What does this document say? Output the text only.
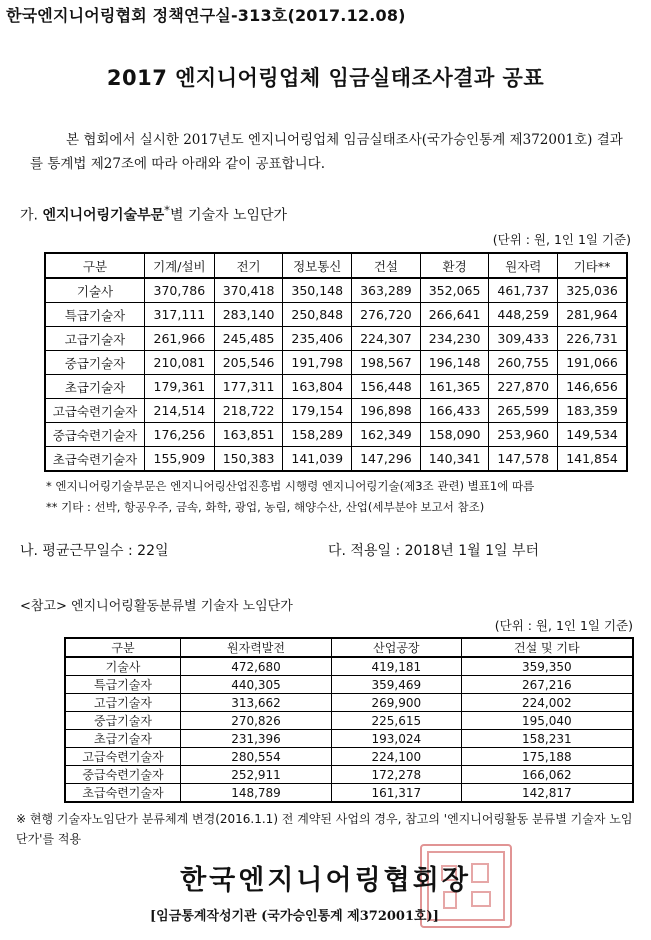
한국엔지니어링협회 정책연구실-313호(2017.12.08)
2017 엔지니어링업체 임금실태조사결과 공표

본 협회에서 실시한 2017년도 엔지니어링업체 임금실태조사(국가승인통계 제372001호) 결과를 통계법 제27조에 따라 아래와 같이 공표합니다.

가. 엔지니어링기술부문*별 기술자 노임단가
(단위 : 원, 1인 1일 기준)
구분	기계/설비	전기	정보통신	건설	환경	원자력	기타**
기술사	370,786	370,418	350,148	363,289	352,065	461,737	325,036
특급기술자	317,111	283,140	250,848	276,720	266,641	448,259	281,964
고급기술자	261,966	245,485	235,406	224,307	234,230	309,433	226,731
중급기술자	210,081	205,546	191,798	198,567	196,148	260,755	191,066
초급기술자	179,361	177,311	163,804	156,448	161,365	227,870	146,656
고급숙련기술자	214,514	218,722	179,154	196,898	166,433	265,599	183,359
중급숙련기술자	176,256	163,851	158,289	162,349	158,090	253,960	149,534
초급숙련기술자	155,909	150,383	141,039	147,296	140,341	147,578	141,854
* 엔지니어링기술부문은 엔지니어링산업진흥법 시행령 엔지니어링기술(제3조 관련) 별표1에 따름
** 기타 : 선박, 항공우주, 금속, 화학, 광업, 농림, 해양수산, 산업(세부분야 보고서 참조)
나. 평균근무일수 : 22일	다. 적용일 : 2018년 1월 1일 부터
<참고> 엔지니어링활동분류별 기술자 노임단가
(단위 : 원, 1인 1일 기준)
구분	원자력발전	산업공장	건설 및 기타
기술사	472,680	419,181	359,350
특급기술자	440,305	359,469	267,216
고급기술자	313,662	269,900	224,002
중급기술자	270,826	225,615	195,040
초급기술자	231,396	193,024	158,231
고급숙련기술자	280,554	224,100	175,188
중급숙련기술자	252,911	172,278	166,062
초급숙련기술자	148,789	161,317	142,817
※ 현행 기술자노임단가 분류체계 변경(2016.1.1) 전 계약된 사업의 경우, 참고의 '엔지니어링활동 분류별 기술자 노임단가'를 적용
한국엔지니어링협회장
[임금통계작성기관 (국가승인통계 제372001호)]
